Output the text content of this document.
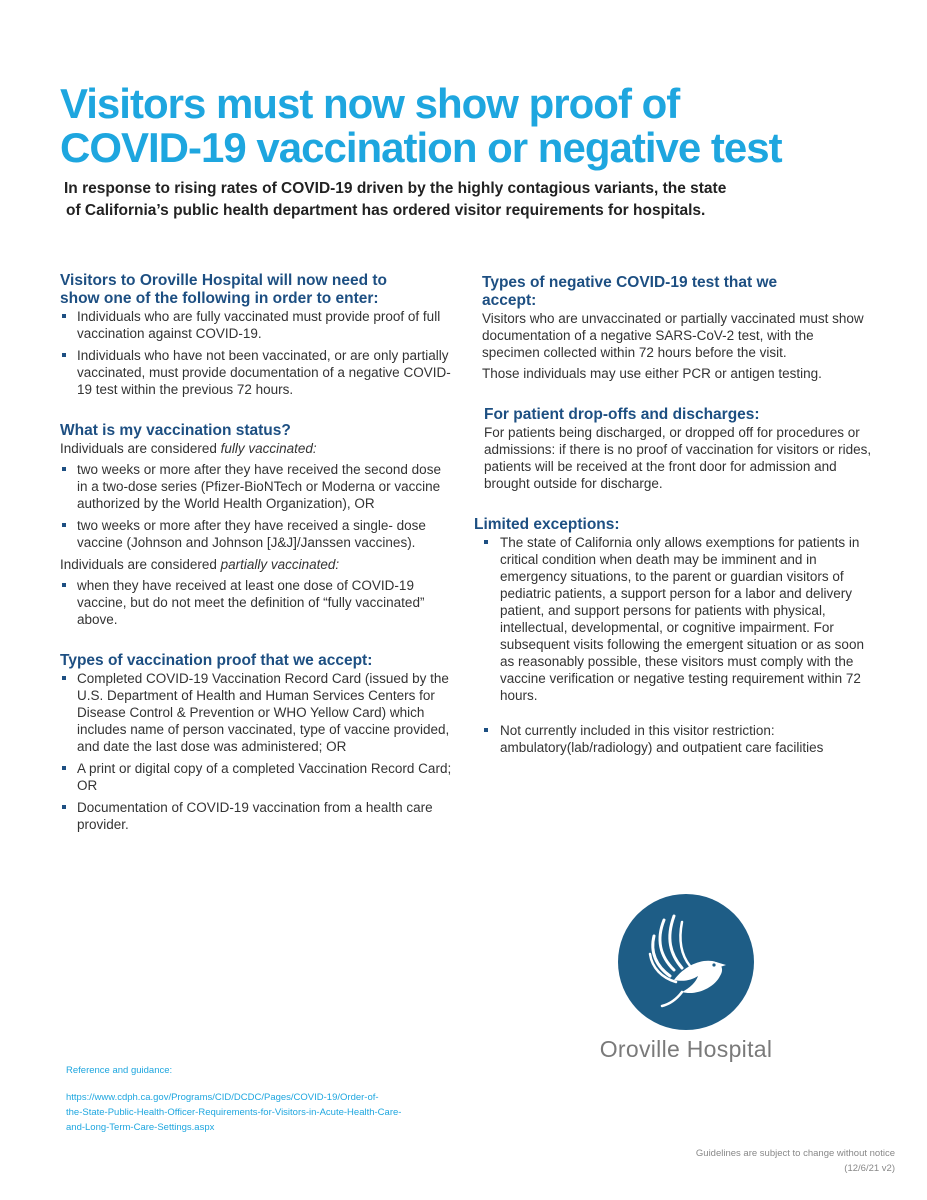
Visitors must now show proof of
COVID-19 vaccination or negative test

In response to rising rates of COVID-19 driven by the highly contagious variants, the state
of California’s public health department has ordered visitor requirements for hospitals.

Visitors to Oroville Hospital will now need to
show one of the following in order to enter:
Individuals who are fully vaccinated must provide proof of full vaccination against COVID-19.
Individuals who have not been vaccinated, or are only partially vaccinated, must provide documentation of a negative COVID-19 test within the previous 72 hours.
What is my vaccination status?

Individuals are considered fully vaccinated:

two weeks or more after they have received the second dose in a two-dose series (Pfizer-BioNTech or Moderna or vaccine authorized by the World Health Organization), OR
two weeks or more after they have received a single- dose vaccine (Johnson and Johnson [J&J]/Janssen vaccines).

Individuals are considered partially vaccinated:

when they have received at least one dose of COVID-19 vaccine, but do not meet the definition of “fully vaccinated” above.
Types of vaccination proof that we accept:
Completed COVID-19 Vaccination Record Card (issued by the U.S. Department of Health and Human Services Centers for Disease Control & Prevention or WHO Yellow Card) which includes name of person vaccinated, type of vaccine provided, and date the last dose was administered; OR
A print or digital copy of a completed Vaccination Record Card; OR
Documentation of COVID-19 vaccination from a health care provider.
Types of negative COVID-19 test that we
accept:

Visitors who are unvaccinated or partially vaccinated must show documentation of a negative SARS-CoV-2 test, with the specimen collected within 72 hours before the visit.

Those individuals may use either PCR or antigen testing.

For patient drop-offs and discharges:

For patients being discharged, or dropped off for procedures or admissions: if there is no proof of vaccination for visitors or rides, patients will be received at the front door for admission and brought outside for discharge.

Limited exceptions:
The state of California only allows exemptions for patients in critical condition when death may be imminent and in emergency situations, to the parent or guardian visitors of pediatric patients, a support person for a labor and delivery patient, and support persons for patients with physical, intellectual, developmental, or cognitive impairment. For subsequent visits following the emergent situation or as soon as reasonably possible, these visitors must comply with the vaccine verification or negative testing requirement within 72 hours.
Not currently included in this visitor restriction: ambulatory(lab/radiology) and outpatient care facilities
Oroville Hospital

Reference and guidance:

https://www.cdph.ca.gov/Programs/CID/DCDC/Pages/COVID-19/Order-of-
the-State-Public-Health-Officer-Requirements-for-Visitors-in-Acute-Health-Care-
and-Long-Term-Care-Settings.aspx

Guidelines are subject to change without notice
(12/6/21 v2)
